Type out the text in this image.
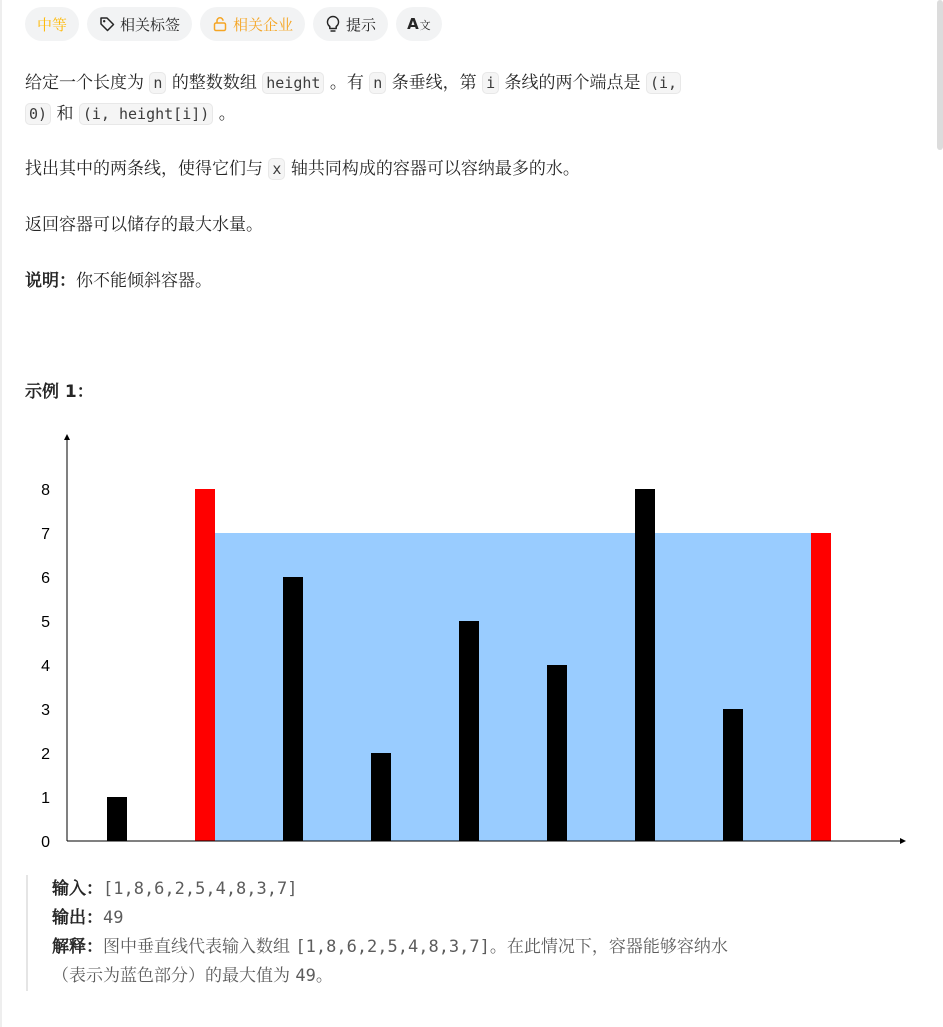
中等	相关标签	相关企业	提示 A 文

给定一个长度为 n 的整数数组 height 。有 n 条垂线，第 i 条线的两个端点是 (i,
0) 和 (i, height[i]) 。

找出其中的两条线，使得它们与 x 轴共同构成的容器可以容纳最多的水。

返回容器可以储存的最大水量。

说明：你不能倾斜容器。

示例 1：

0
1
2
3
4
5
6
7
8
输入：[1,8,6,2,5,4,8,3,7]
输出：49
解释：图中垂直线代表输入数组 [1,8,6,2,5,4,8,3,7]。在此情况下，容器能够容纳水
（表示为蓝色部分）的最大值为 49。
